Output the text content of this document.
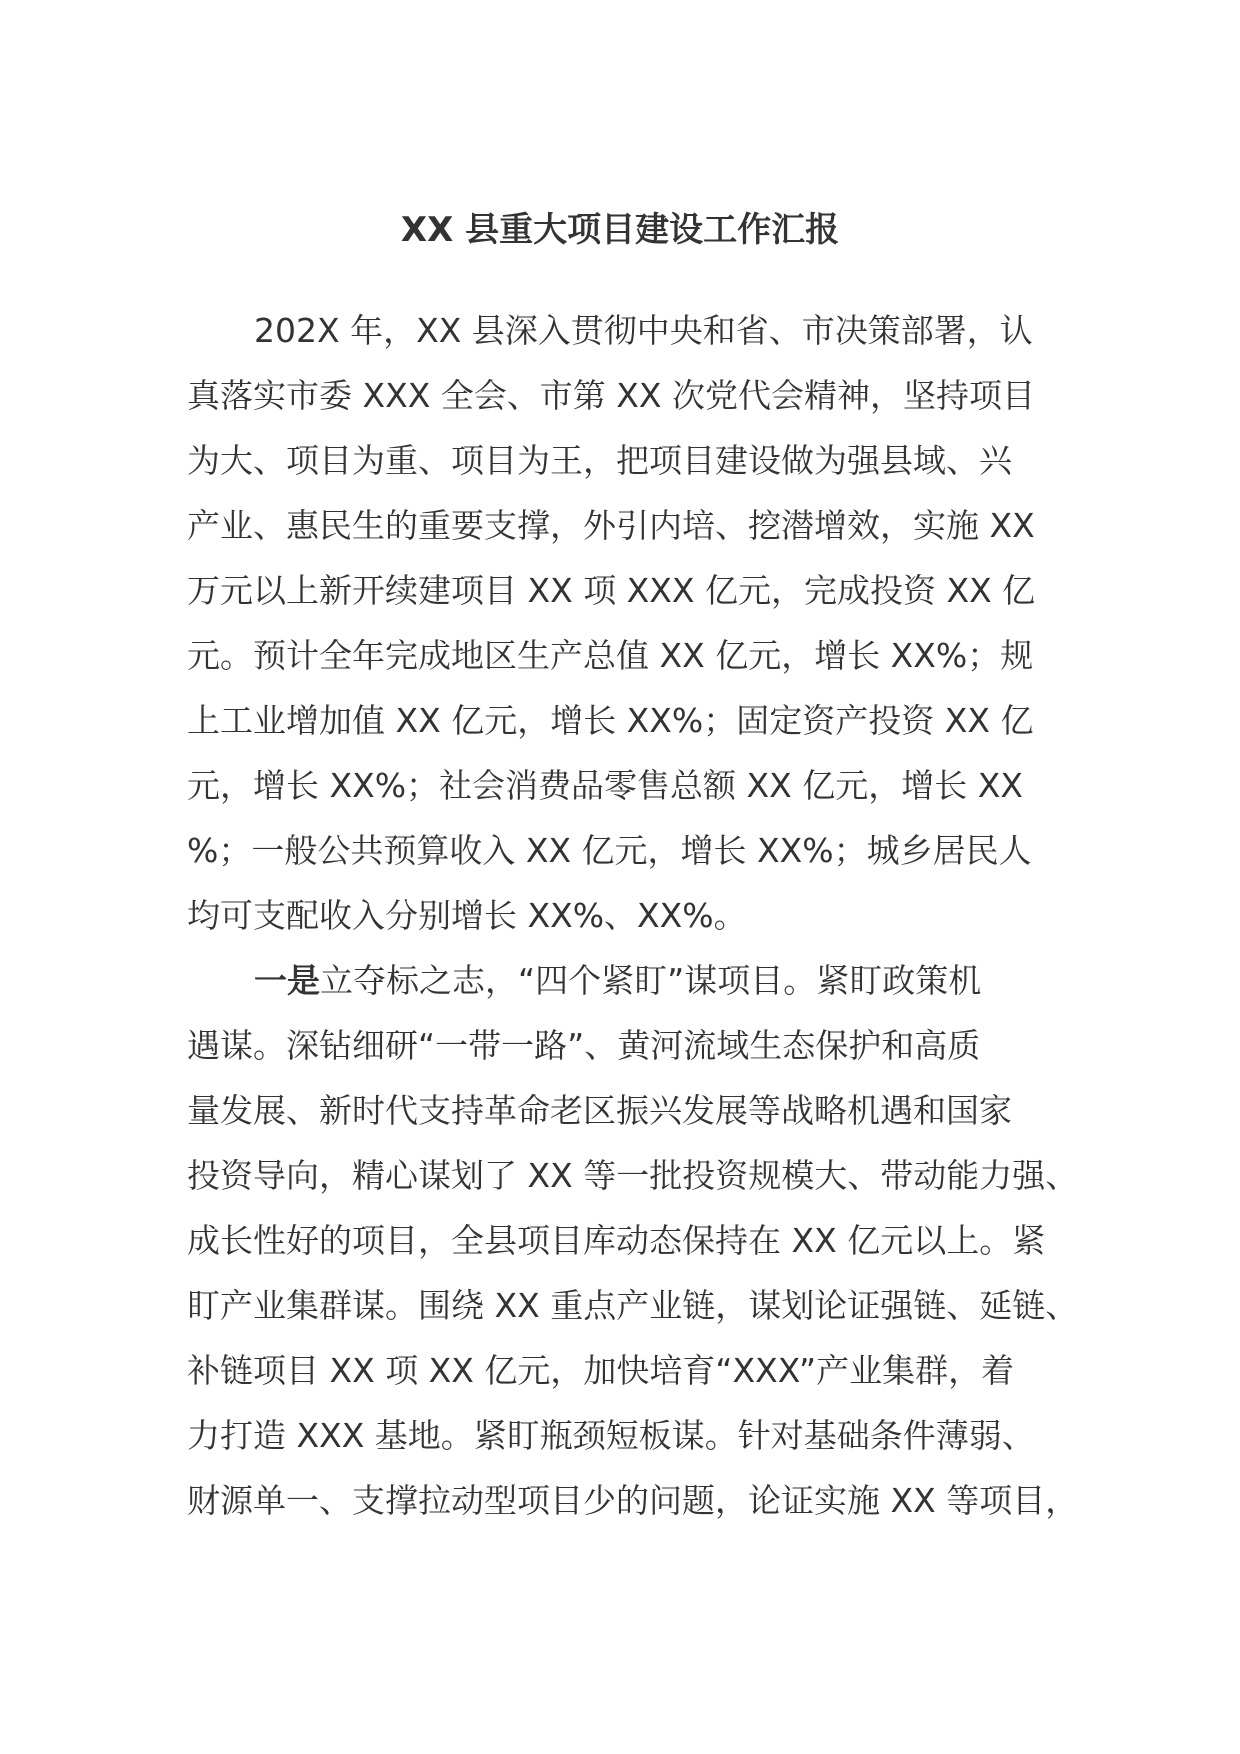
XX 县重大项目建设工作汇报
202X 年，XX 县深入贯彻中央和省、市决策部署，认
真落实市委 XXX 全会、市第 XX 次党代会精神，坚持项目
为大、项目为重、项目为王，把项目建设做为强县域、兴
产业、惠民生的重要支撑，外引内培、挖潜增效，实施 XX
万元以上新开续建项目 XX 项 XXX 亿元，完成投资 XX 亿
元。预计全年完成地区生产总值 XX 亿元，增长 XX%；规
上工业增加值 XX 亿元，增长 XX%；固定资产投资 XX 亿
元，增长 XX%；社会消费品零售总额 XX 亿元，增长 XX
%；一般公共预算收入 XX 亿元，增长 XX%；城乡居民人
均可支配收入分别增长 XX%、XX%。
一是立夺标之志，“四个紧盯”谋项目。紧盯政策机
遇谋。深钻细研“一带一路”、黄河流域生态保护和高质
量发展、新时代支持革命老区振兴发展等战略机遇和国家
投资导向，精心谋划了 XX 等一批投资规模大、带动能力强、
成长性好的项目，全县项目库动态保持在 XX 亿元以上。紧
盯产业集群谋。围绕 XX 重点产业链，谋划论证强链、延链、
补链项目 XX 项 XX 亿元，加快培育“XXX”产业集群，着
力打造 XXX 基地。紧盯瓶颈短板谋。针对基础条件薄弱、
财源单一、支撑拉动型项目少的问题，论证实施 XX 等项目，
